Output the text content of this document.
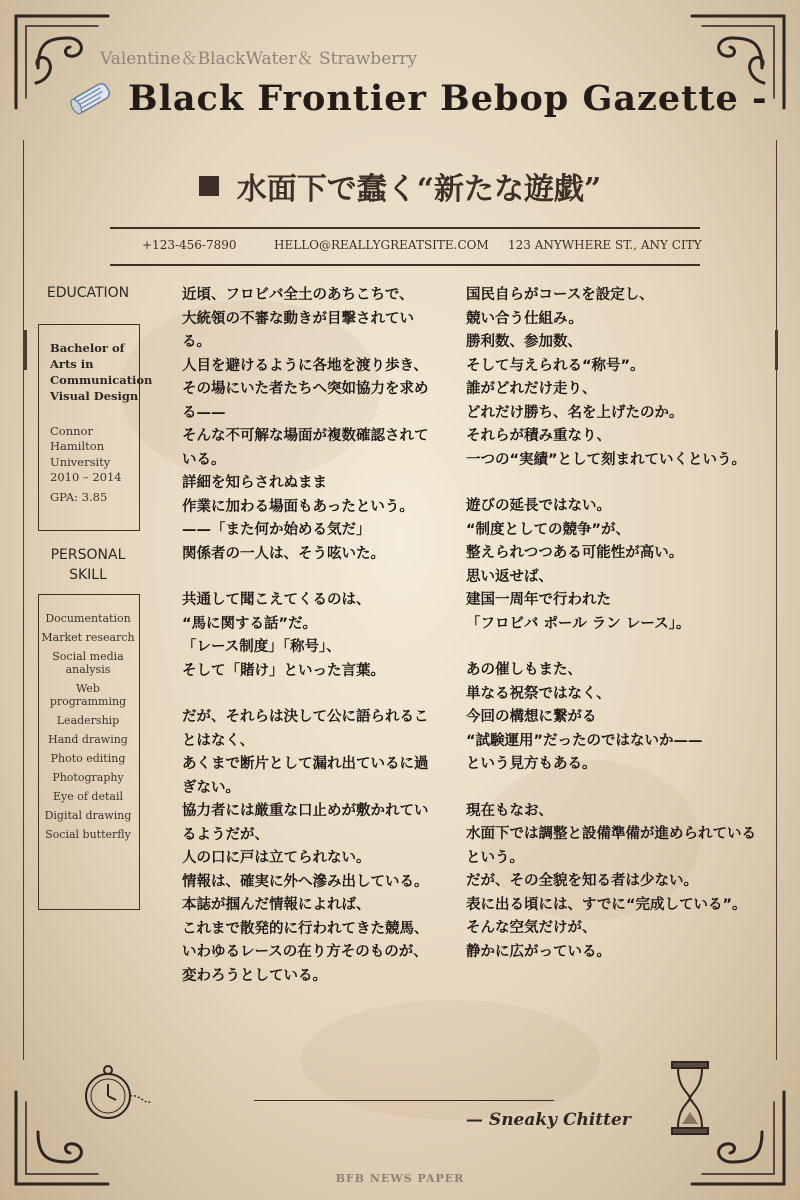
Valentine＆BlackWater＆ Strawberry
Black Frontier Bebop Gazette -
水面下で蠢く“新たな遊戯”
+123-456-7890	HELLO@REALLYGREATSITE.COM 123 ANYWHERE ST., ANY CITY
EDUCATION
Bachelor of Arts in Communication Visual Design
Connor
Hamilton
University
2010 – 2014
GPA: 3.85
PERSONAL
SKILL
Documentation
Market research
Social media analysis
Web programming
Leadership
Hand drawing
Photo editing
Photography
Eye of detail
Digital drawing
Social butterfly

近頃、フロビバ全土のあちこちで、

大統領の不審な動きが目撃されている。

人目を避けるように各地を渡り歩き、

その場にいた者たちへ突如協力を求める——

そんな不可解な場面が複数確認されている。

詳細を知らされぬまま

作業に加わる場面もあったという。

——「また何か始める気だ」

関係者の一人は、そう呟いた。

共通して聞こえてくるのは、

“馬に関する話”だ。

「レース制度」「称号」、

そして「賭け」といった言葉。

だが、それらは決して公に語られることはなく、

あくまで断片として漏れ出ているに過ぎない。

協力者には厳重な口止めが敷かれているようだが、

人の口に戸は立てられない。

情報は、確実に外へ滲み出している。

本誌が掴んだ情報によれば、

これまで散発的に行われてきた競馬、いわゆるレースの在り方そのものが、変わろうとしている。

国民自らがコースを設定し、

競い合う仕組み。

勝利数、参加数、

そして与えられる“称号”。

誰がどれだけ走り、

どれだけ勝ち、名を上げたのか。

それらが積み重なり、

一つの“実績”として刻まれていくという。

遊びの延長ではない。

“制度としての競争”が、

整えられつつある可能性が高い。

思い返せば、

建国一周年で行われた

「フロビバ ポール ラン レース」。

あの催しもまた、

単なる祝祭ではなく、

今回の構想に繋がる

“試験運用”だったのではないか——

という見方もある。

現在もなお、

水面下では調整と設備準備が進められているという。

だが、その全貌を知る者は少ない。

表に出る頃には、すでに“完成している”。

そんな空気だけが、

静かに広がっている。

— Sneaky Chitter
BFB NEWS PAPER
